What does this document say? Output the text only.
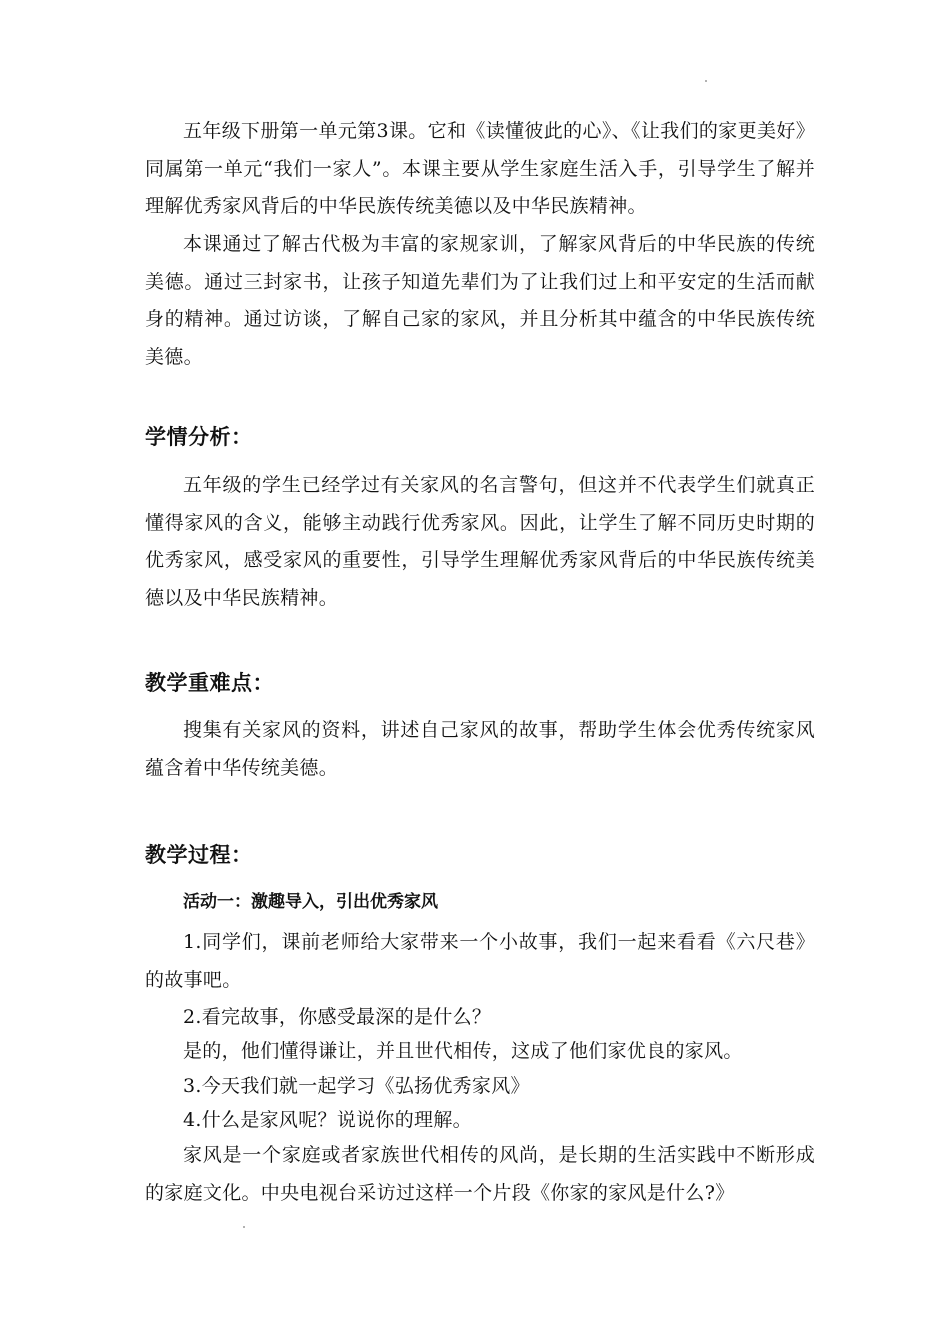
五年级下册第一单元第3课。它和《读懂彼此的心》、《让我们的家更美好》同属第一单元“我们一家人”。本课主要从学生家庭生活入手，引导学生了解并理解优秀家风背后的中华民族传统美德以及中华民族精神。

本课通过了解古代极为丰富的家规家训，了解家风背后的中华民族的传统美德。通过三封家书，让孩子知道先辈们为了让我们过上和平安定的生活而献身的精神。通过访谈，了解自己家的家风，并且分析其中蕴含的中华民族传统美德。

学情分析：

五年级的学生已经学过有关家风的名言警句，但这并不代表学生们就真正懂得家风的含义，能够主动践行优秀家风。因此，让学生了解不同历史时期的优秀家风，感受家风的重要性，引导学生理解优秀家风背后的中华民族传统美德以及中华民族精神。

教学重难点：

搜集有关家风的资料，讲述自己家风的故事，帮助学生体会优秀传统家风蕴含着中华传统美德。

教学过程：
活动一：激趣导入，引出优秀家风

1.同学们，课前老师给大家带来一个小故事，我们一起来看看《六尺巷》的故事吧。

2.看完故事，你感受最深的是什么？

是的，他们懂得谦让，并且世代相传，这成了他们家优良的家风。

3.今天我们就一起学习《弘扬优秀家风》

4.什么是家风呢？说说你的理解。

家风是一个家庭或者家族世代相传的风尚，是长期的生活实践中不断形成的家庭文化。中央电视台采访过这样一个片段《你家的家风是什么?》
